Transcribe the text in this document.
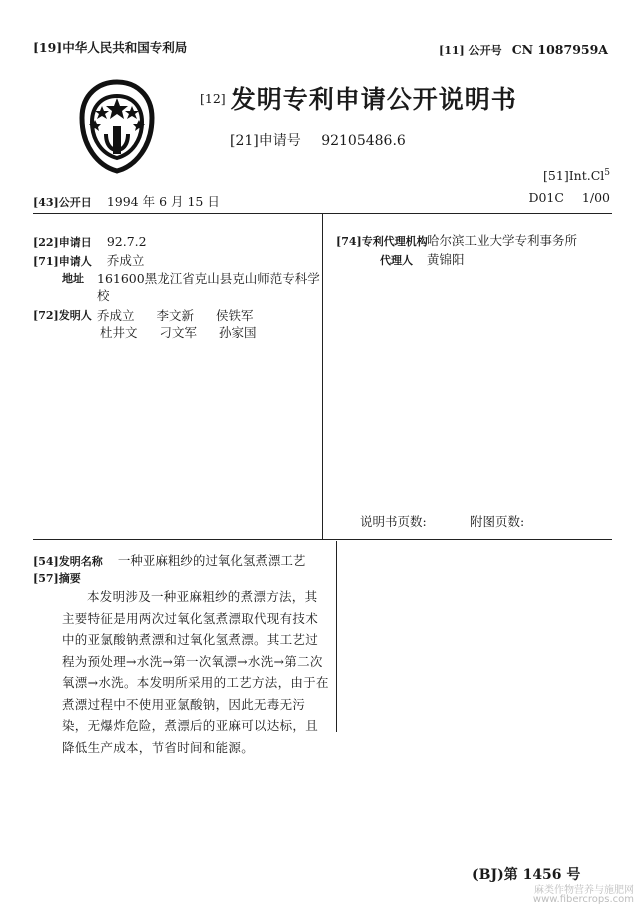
[19]中华人民共和国专利局	[11] 公开号 CN 1087959A
[12] 发明专利申请公开说明书
[21]申请号 92105486.6
[51]Int.Cl$^5$
D01C 1/00
[43]公开日 1994 年 6 月 15 日
[22]申请日 92.7.2
[71]申请人 乔成立
地址 161600黑龙江省克山县克山师范专科学
校
[72]发明人 乔成立 李文新 侯铁军
杜井文 刁文军 孙家国
[74]专利代理机构 哈尔滨工业大学专利事务所
代理人 黄锦阳
说明书页数:	附图页数:
[54]发明名称 一种亚麻粗纱的过氧化氢煮漂工艺
[57]摘要
本发明涉及一种亚麻粗纱的煮漂方法，其主要特征是用两次过氧化氢煮漂取代现有技术中的亚氯酸钠煮漂和过氧化氢煮漂。其工艺过程为预处理→水洗→第一次氧漂→水洗→第二次氧漂→水洗。本发明所采用的工艺方法，由于在煮漂过程中不使用亚氯酸钠，因此无毒无污染，无爆炸危险，煮漂后的亚麻可以达标，且降低生产成本，节省时间和能源。
(BJ)第 1456 号
麻类作物营养与施肥网
www.fibercrops.com
